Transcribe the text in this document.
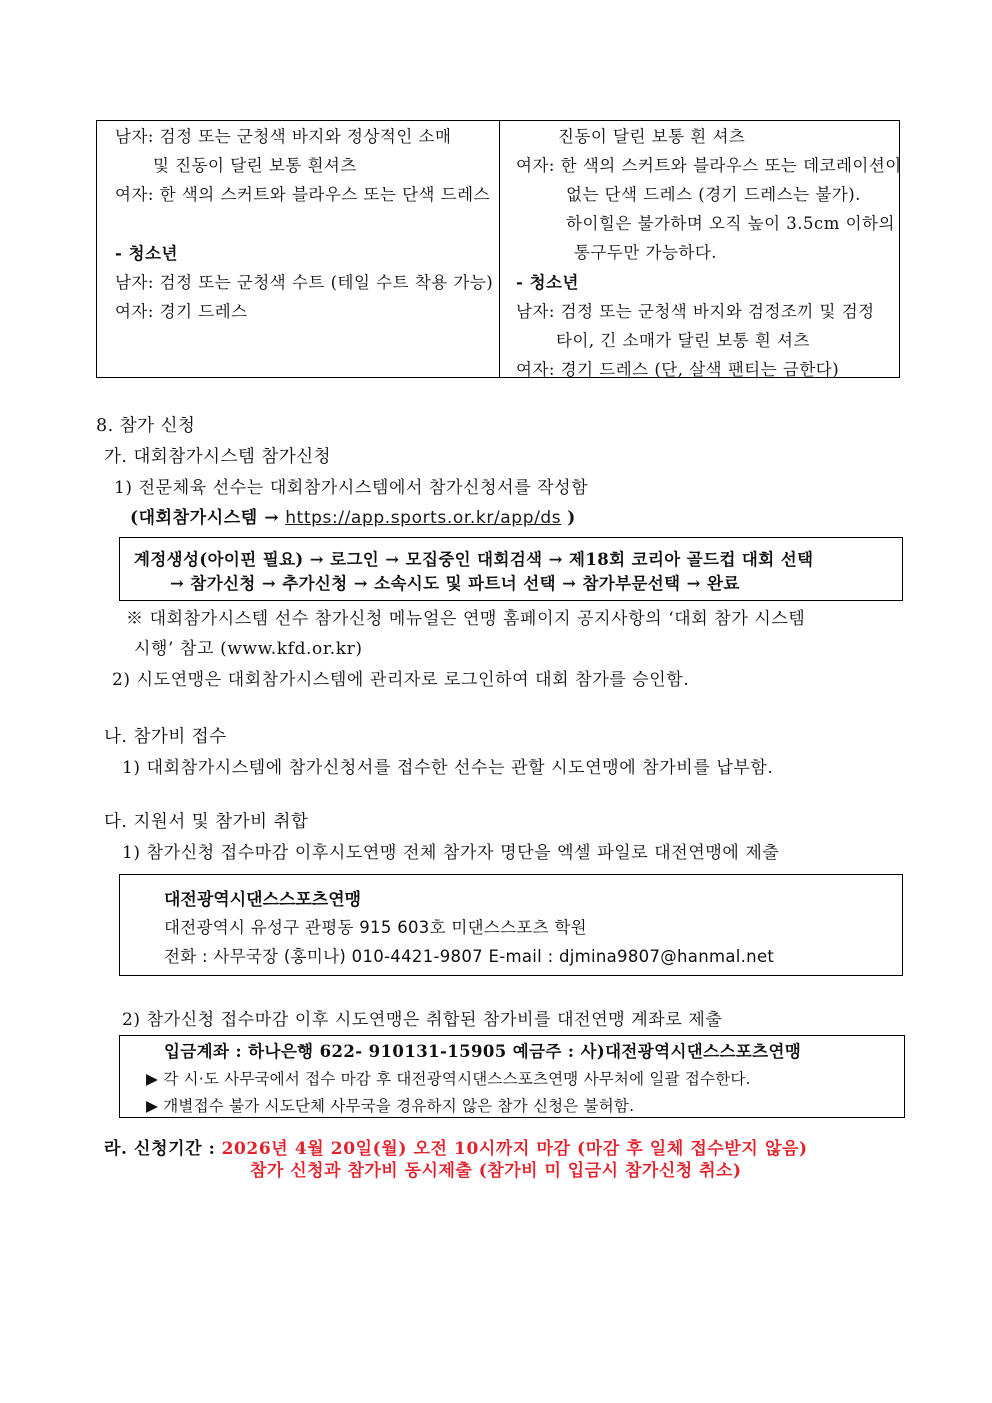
남자: 검정 또는 군청색 바지와 정상적인 소매
및 진동이 달린 보통 흰셔츠
여자: 한 색의 스커트와 블라우스 또는 단색 드레스
- 청소년
남자: 검정 또는 군청색 수트 (테일 수트 착용 가능)
여자: 경기 드레스
진동이 달린 보통 흰 셔츠
여자: 한 색의 스커트와 블라우스 또는 데코레이션이
없는 단색 드레스 (경기 드레스는 불가).
하이힐은 불가하며 오직 높이 3.5cm 이하의
통구두만 가능하다.
- 청소년
남자: 검정 또는 군청색 바지와 검정조끼 및 검정
타이, 긴 소매가 달린 보통 흰 셔츠
여자: 경기 드레스 (단, 살색 팬티는 금한다)
8. 참가 신청
가. 대회참가시스템 참가신청
1) 전문체육 선수는 대회참가시스템에서 참가신청서를 작성함
(대회참가시스템 → https://app.sports.or.kr/app/ds )
계정생성(아이핀 필요) → 로그인 → 모집중인 대회검색 → 제18회 코리아 골드컵 대회 선택
→ 참가신청 → 추가신청 → 소속시도 및 파트너 선택 → 참가부문선택 → 완료
※ 대회참가시스템 선수 참가신청 메뉴얼은 연맹 홈페이지 공지사항의 ‘대회 참가 시스템
시행’ 참고 (www.kfd.or.kr)
2) 시도연맹은 대회참가시스템에 관리자로 로그인하여 대회 참가를 승인함.
나. 참가비 접수
1) 대회참가시스템에 참가신청서를 접수한 선수는 관할 시도연맹에 참가비를 납부함.
다. 지원서 및 참가비 취합
1) 참가신청 접수마감 이후시도연맹 전체 참가자 명단을 엑셀 파일로 대전연맹에 제출
대전광역시댄스스포츠연맹
대전광역시 유성구 관평동 915 603호 미댄스스포츠 학원
전화 : 사무국장 (홍미나) 010-4421-9807 E-mail : djmina9807@hanmal.net
2) 참가신청 접수마감 이후 시도연맹은 취합된 참가비를 대전연맹 계좌로 제출
입금계좌 : 하나은행 622- 910131-15905 예금주 : 사)대전광역시댄스스포츠연맹
▶ 각 시·도 사무국에서 접수 마감 후 대전광역시댄스스포츠연맹 사무처에 일괄 접수한다.
▶ 개별접수 불가 시도단체 사무국을 경유하지 않은 참가 신청은 불허함.
라. 신청기간 : 2026년 4월 20일(월) 오전 10시까지 마감 (마감 후 일체 접수받지 않음)
참가 신청과 참가비 동시제출 (참가비 미 입금시 참가신청 취소)
